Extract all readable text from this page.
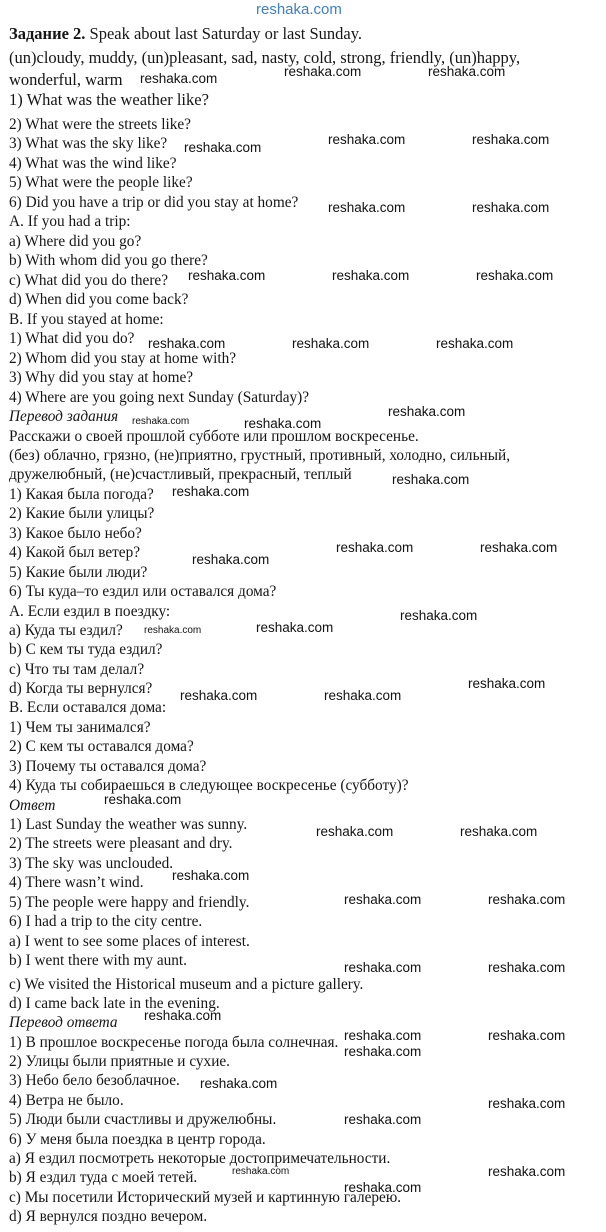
reshaka.com
Задание 2. Speak about last Saturday or last Sunday.
(un)cloudy, muddy, (un)pleasant, sad, nasty, cold, strong, friendly, (un)happy,
wonderful, warm
1) What was the weather like?
2) What were the streets like?
3) What was the sky like?
4) What was the wind like?
5) What were the people like?
6) Did you have a trip or did you stay at home?
A. If you had a trip:
a) Where did you go?
b) With whom did you go there?
c) What did you do there?
d) When did you come back?
B. If you stayed at home:
1) What did you do?
2) Whom did you stay at home with?
3) Why did you stay at home?
4) Where are you going next Sunday (Saturday)?
Перевод задания
Расскажи о своей прошлой субботе или прошлом воскресенье.
(без) облачно, грязно, (не)приятно, грустный, противный, холодно, сильный,
дружелюбный, (не)счастливый, прекрасный, теплый
1) Какая была погода?
2) Какие были улицы?
3) Какое было небо?
4) Какой был ветер?
5) Какие были люди?
6) Ты куда–то ездил или оставался дома?
А. Если ездил в поездку:
a) Куда ты ездил?
b) С кем ты туда ездил?
c) Что ты там делал?
d) Когда ты вернулся?
В. Если оставался дома:
1) Чем ты занимался?
2) С кем ты оставался дома?
3) Почему ты оставался дома?
4) Куда ты собираешься в следующее воскресенье (субботу)?
Ответ
1) Last Sunday the weather was sunny.
2) The streets were pleasant and dry.
3) The sky was unclouded.
4) There wasn’t wind.
5) The people were happy and friendly.
6) I had a trip to the city centre.
a) I went to see some places of interest.
b) I went there with my aunt.
c) We visited the Historical museum and a picture gallery.
d) I came back late in the evening.
Перевод ответа
1) В прошлое воскресенье погода была солнечная.
2) Улицы были приятные и сухие.
3) Небо бело безоблачное.
4) Ветра не было.
5) Люди были счастливы и дружелюбны.
6) У меня была поездка в центр города.
а) Я ездил посмотреть некоторые достопримечательности.
b) Я ездил туда с моей тетей.
c) Мы посетили Исторический музей и картинную галерею.
d) Я вернулся поздно вечером.
reshaka.com	reshaka.com	reshaka.com
reshaka.com
reshaka.com	reshaka.com
reshaka.com	reshaka.com
reshaka.com	reshaka.com	reshaka.com
reshaka.com	reshaka.com	reshaka.com
reshaka.com	reshaka.com
reshaka.com
reshaka.com
reshaka.com
reshaka.com	reshaka.com
reshaka.com
reshaka.com
reshaka.com	reshaka.com
reshaka.com
reshaka.com	reshaka.com
reshaka.com
reshaka.com	reshaka.com
reshaka.com
reshaka.com	reshaka.com
reshaka.com	reshaka.com
reshaka.com
reshaka.com	reshaka.com
reshaka.com
reshaka.com
reshaka.com
reshaka.com
reshaka.com	reshaka.com
reshaka.com
